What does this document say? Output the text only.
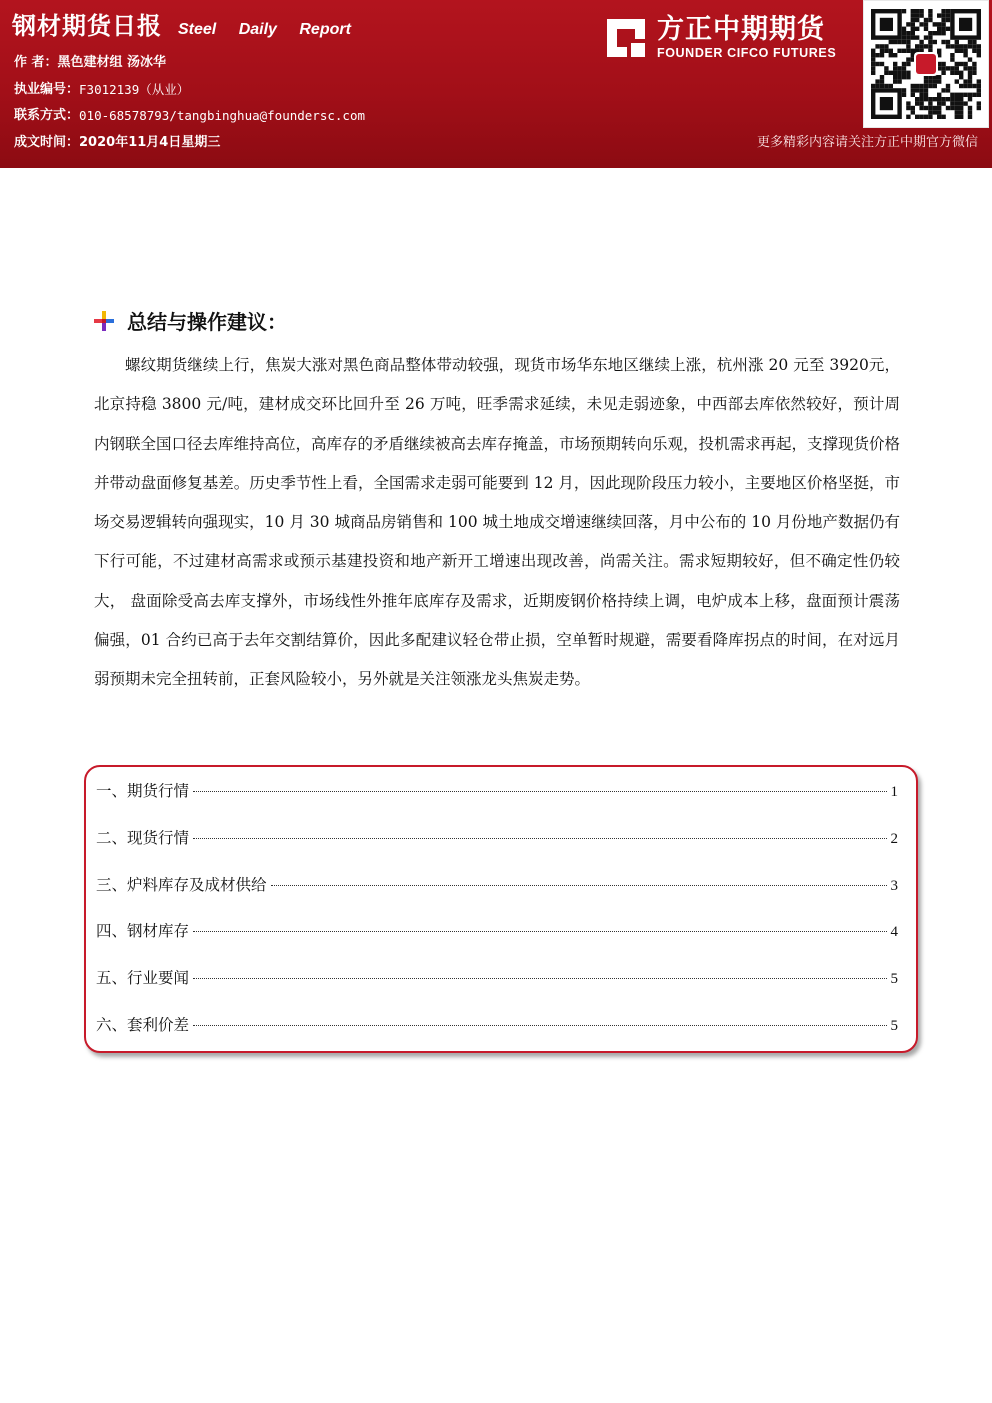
钢材期货日报 Steel Daily Report
作 者： 黑色建材组 汤冰华
执业编号： F3012139（从业）
联系方式： 010-68578793/tangbinghua@foundersc.com
成文时间： 2020年11月4日星期三
方正中期期货
FOUNDER CIFCO FUTURES
更多精彩内容请关注方正中期官方微信
总结与操作建议：

螺纹期货继续上行，焦炭大涨对黑色商品整体带动较强，现货市场华东地区继续上涨，杭州涨 20 元至 3920元，北京持稳 3800 元/吨，建材成交环比回升至 26 万吨，旺季需求延续，未见走弱迹象，中西部去库依然较好，预计周内钢联全国口径去库维持高位，高库存的矛盾继续被高去库存掩盖，市场预期转向乐观，投机需求再起，支撑现货价格并带动盘面修复基差。历史季节性上看，全国需求走弱可能要到 12 月，因此现阶段压力较小，主要地区价格坚挺，市场交易逻辑转向强现实，10 月 30 城商品房销售和 100 城土地成交增速继续回落，月中公布的 10 月份地产数据仍有下行可能，不过建材高需求或预示基建投资和地产新开工增速出现改善，尚需关注。需求短期较好，但不确定性仍较大， 盘面除受高去库支撑外，市场线性外推年底库存及需求，近期废钢价格持续上调，电炉成本上移，盘面预计震荡偏强，01 合约已高于去年交割结算价，因此多配建议轻仓带止损，空单暂时规避，需要看降库拐点的时间，在对远月弱预期未完全扭转前，正套风险较小，另外就是关注领涨龙头焦炭走势。

一、期货行情	1
二、现货行情	2
三、炉料库存及成材供给	3
四、钢材库存	4
五、行业要闻	5
六、套利价差	5
